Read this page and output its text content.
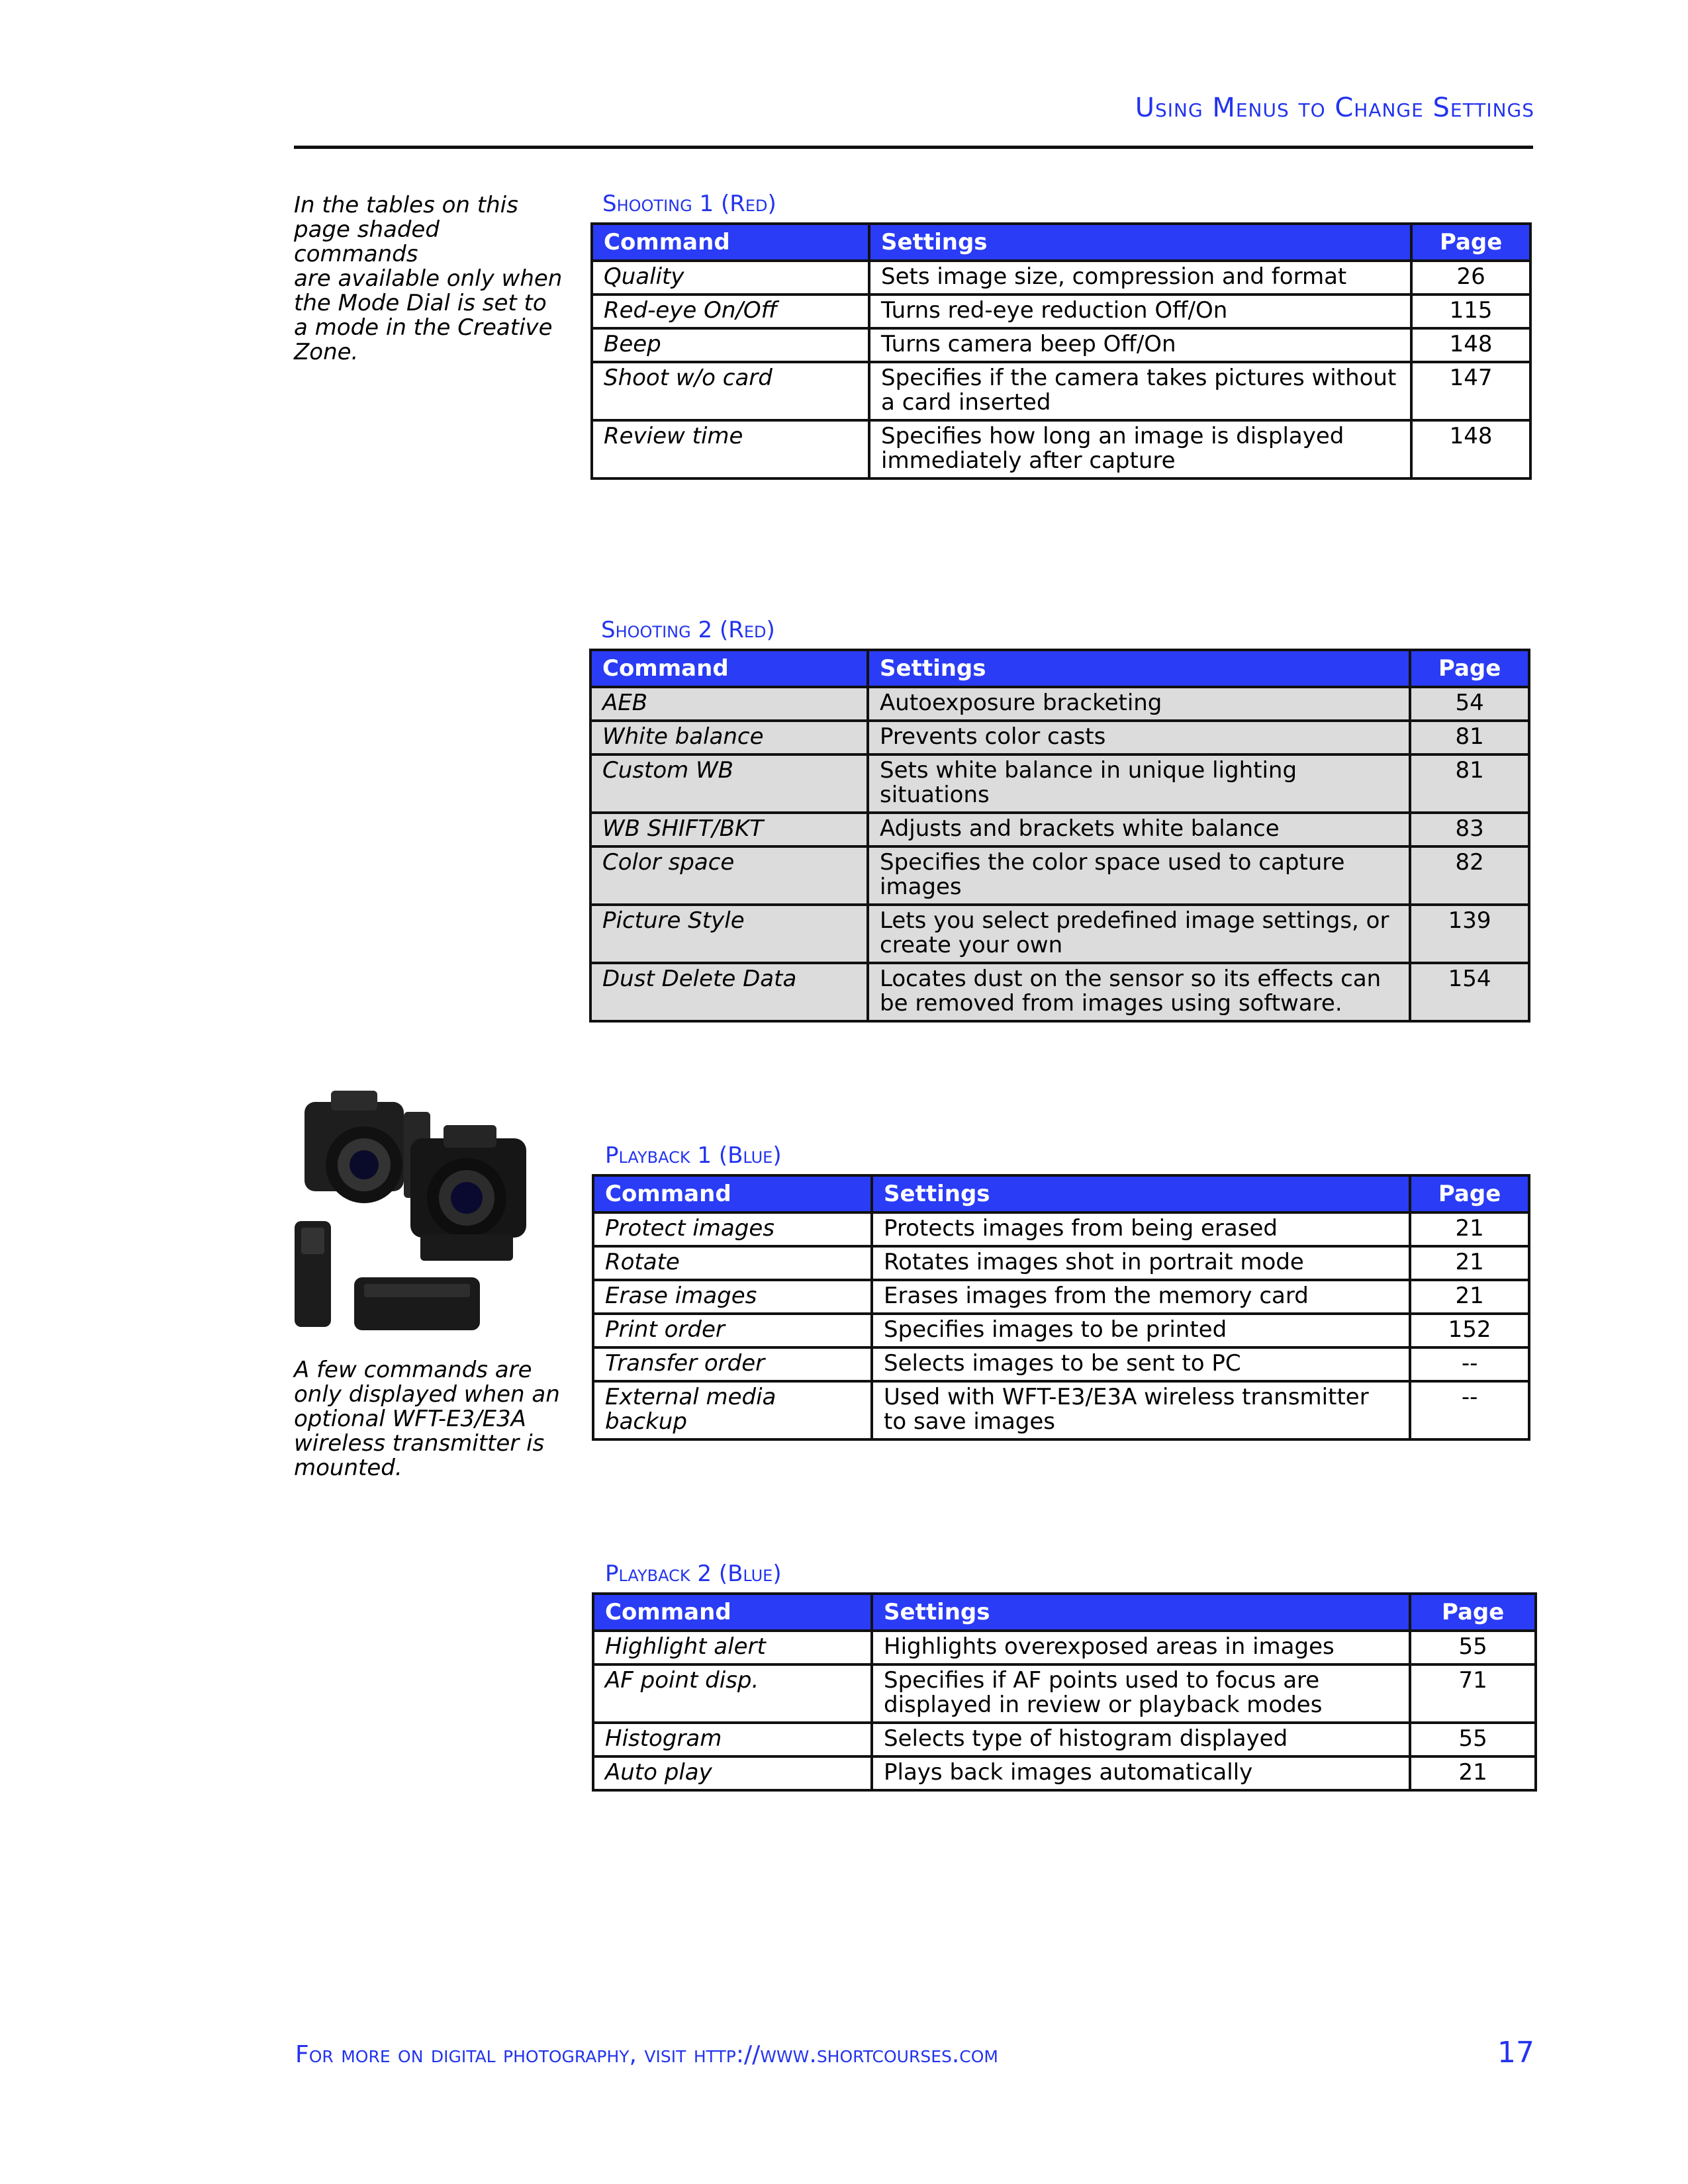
Using Menus to Change Settings
In the tables on this
page shaded commands
are available only when
the Mode Dial is set to
a mode in the Creative
Zone.
A few commands are
only displayed when an
optional WFT-E3/E3A
wireless transmitter is
mounted.
Shooting 1 (Red)
Command	Settings	Page
Quality	Sets image size, compression and format	26
Red-eye On/Off	Turns red-eye reduction Off/On	115
Beep	Turns camera beep Off/On	148
Shoot w/o card	Specifies if the camera takes pictures without a card inserted	147
Review time	Specifies how long an image is displayed immediately after capture	148
Shooting 2 (Red)
Command	Settings	Page
AEB	Autoexposure bracketing	54
White balance	Prevents color casts	81
Custom WB	Sets white balance in unique lighting situations	81
WB SHIFT/BKT	Adjusts and brackets white balance	83
Color space	Specifies the color space used to capture images	82
Picture Style	Lets you select predefined image settings, or create your own	139
Dust Delete Data	Locates dust on the sensor so its effects can be removed from images using software.	154
Playback 1 (Blue)
Command	Settings	Page
Protect images	Protects images from being erased	21
Rotate	Rotates images shot in portrait mode	21
Erase images	Erases images from the memory card	21
Print order	Specifies images to be printed	152
Transfer order	Selects images to be sent to PC	--
External media backup	Used with WFT-E3/E3A wireless transmitter to save images	--
Playback 2 (Blue)
Command	Settings	Page
Highlight alert	Highlights overexposed areas in images	55
AF point disp.	Specifies if AF points used to focus are displayed in review or playback modes	71
Histogram	Selects type of histogram displayed	55
Auto play	Plays back images automatically	21
For more on digital photography, visit http://www.shortcourses.com	17
